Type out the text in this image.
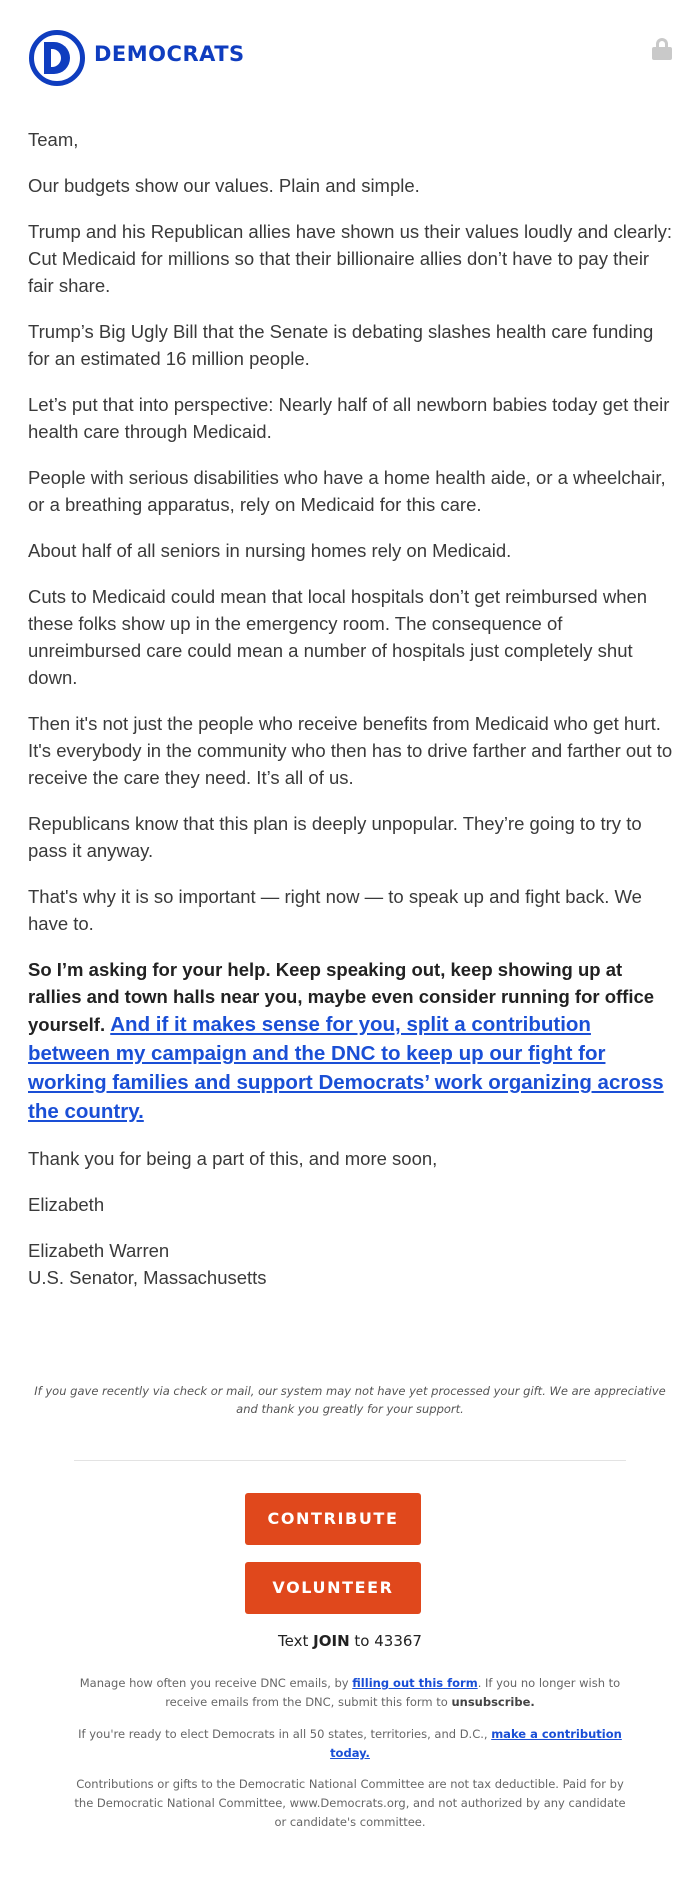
DEMOCRATS

Team,

Our budgets show our values. Plain and simple.

Trump and his Republican allies have shown us their values loudly and clearly: Cut Medicaid for millions so that their billionaire allies don’t have to pay their fair share.

Trump’s Big Ugly Bill that the Senate is debating slashes health care funding for an estimated 16 million people.

Let’s put that into perspective: Nearly half of all newborn babies today get their health care through Medicaid.

People with serious disabilities who have a home health aide, or a wheelchair, or a breathing apparatus, rely on Medicaid for this care.

About half of all seniors in nursing homes rely on Medicaid.

Cuts to Medicaid could mean that local hospitals don’t get reimbursed when these folks show up in the emergency room. The consequence of unreimbursed care could mean a number of hospitals just completely shut down.

Then it's not just the people who receive benefits from Medicaid who get hurt. It's everybody in the community who then has to drive farther and farther out to receive the care they need. It’s all of us.

Republicans know that this plan is deeply unpopular. They’re going to try to pass it anyway.

That's why it is so important — right now — to speak up and fight back. We have to.

So I’m asking for your help. Keep speaking out, keep showing up at rallies and town halls near you, maybe even consider running for office yourself. And if it makes sense for you, split a contribution between my campaign and the DNC to keep up our fight for working families and support Democrats’ work organizing across the country.

Thank you for being a part of this, and more soon,

Elizabeth

Elizabeth Warren
U.S. Senator, Massachusetts
If you gave recently via check or mail, our system may not have yet processed your gift. We are appreciative and thank you greatly for your support.
CONTRIBUTE
VOLUNTEER
Text JOIN to 43367
Manage how often you receive DNC emails, by filling out this form. If you no longer wish to receive emails from the DNC, submit this form to unsubscribe.
If you're ready to elect Democrats in all 50 states, territories, and D.C., make a contribution today.
Contributions or gifts to the Democratic National Committee are not tax deductible. Paid for by the Democratic National Committee, www.Democrats.org, and not authorized by any candidate or candidate's committee.
